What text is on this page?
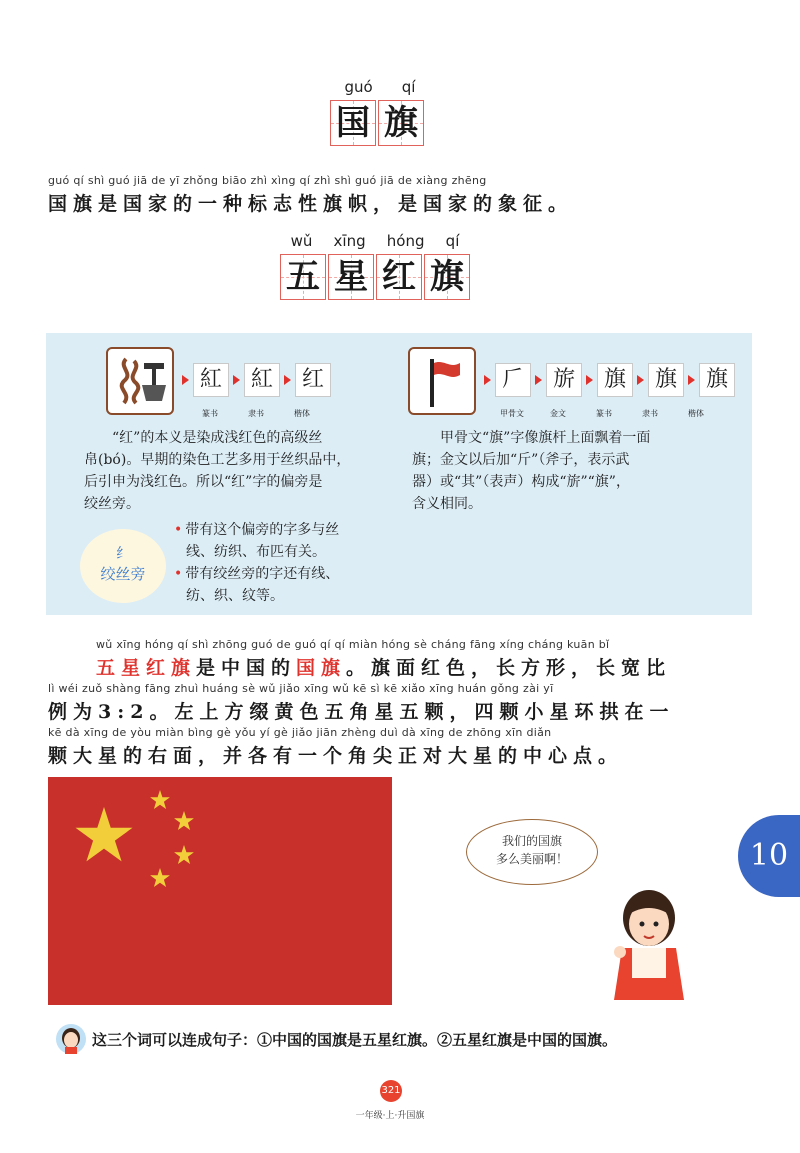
guó qí
国 旗
guó qí shì guó jiā de yī zhǒng biāo zhì xìng qí zhì shì guó jiā de xiàng zhēng
国旗是国家的一种标志性旗帜，是国家的象征。
wǔ xīng hóng qí
五 星 红 旗
紅 紅 红
篆书	隶书	楷体
“红”的本义是染成浅红色的高级丝
帛(bó)。早期的染色工艺多用于丝织品中，
后引申为浅红色。所以“红”字的偏旁是
绞丝旁。
纟
绞丝旁
• 带有这个偏旁的字多与丝
线、纺织、布匹有关。
• 带有绞丝旁的字还有线、
纺、织、纹等。
𠂆 旂 旗 旗 旗
甲骨文	金文	篆书	隶书	楷体
甲骨文“旗”字像旗杆上面飘着一面
旗；金文以后加“斤”（斧子，表示武
器）或“其”（表声）构成“旂”“旗”，
含义相同。
wǔ xīng hóng qí shì zhōng guó de guó qí qí miàn hóng sè cháng fāng xíng cháng kuān bǐ
五星红旗是中国的国旗。旗面红色，长方形，长宽比
lì wéi zuǒ shàng fāng zhuì huáng sè wǔ jiǎo xīng wǔ kē sì kē xiǎo xīng huán gǒng zài yī
例为3:2。左上方缀黄色五角星五颗，四颗小星环拱在一
kē dà xīng de yòu miàn bìng gè yǒu yí gè jiǎo jiān zhèng duì dà xīng de zhōng xīn diǎn
颗大星的右面，并各有一个角尖正对大星的中心点。
我们的国旗
多么美丽啊！	10
这三个词可以连成句子：①中国的国旗是五星红旗。②五星红旗是中国的国旗。
321
一年级·上·升国旗
